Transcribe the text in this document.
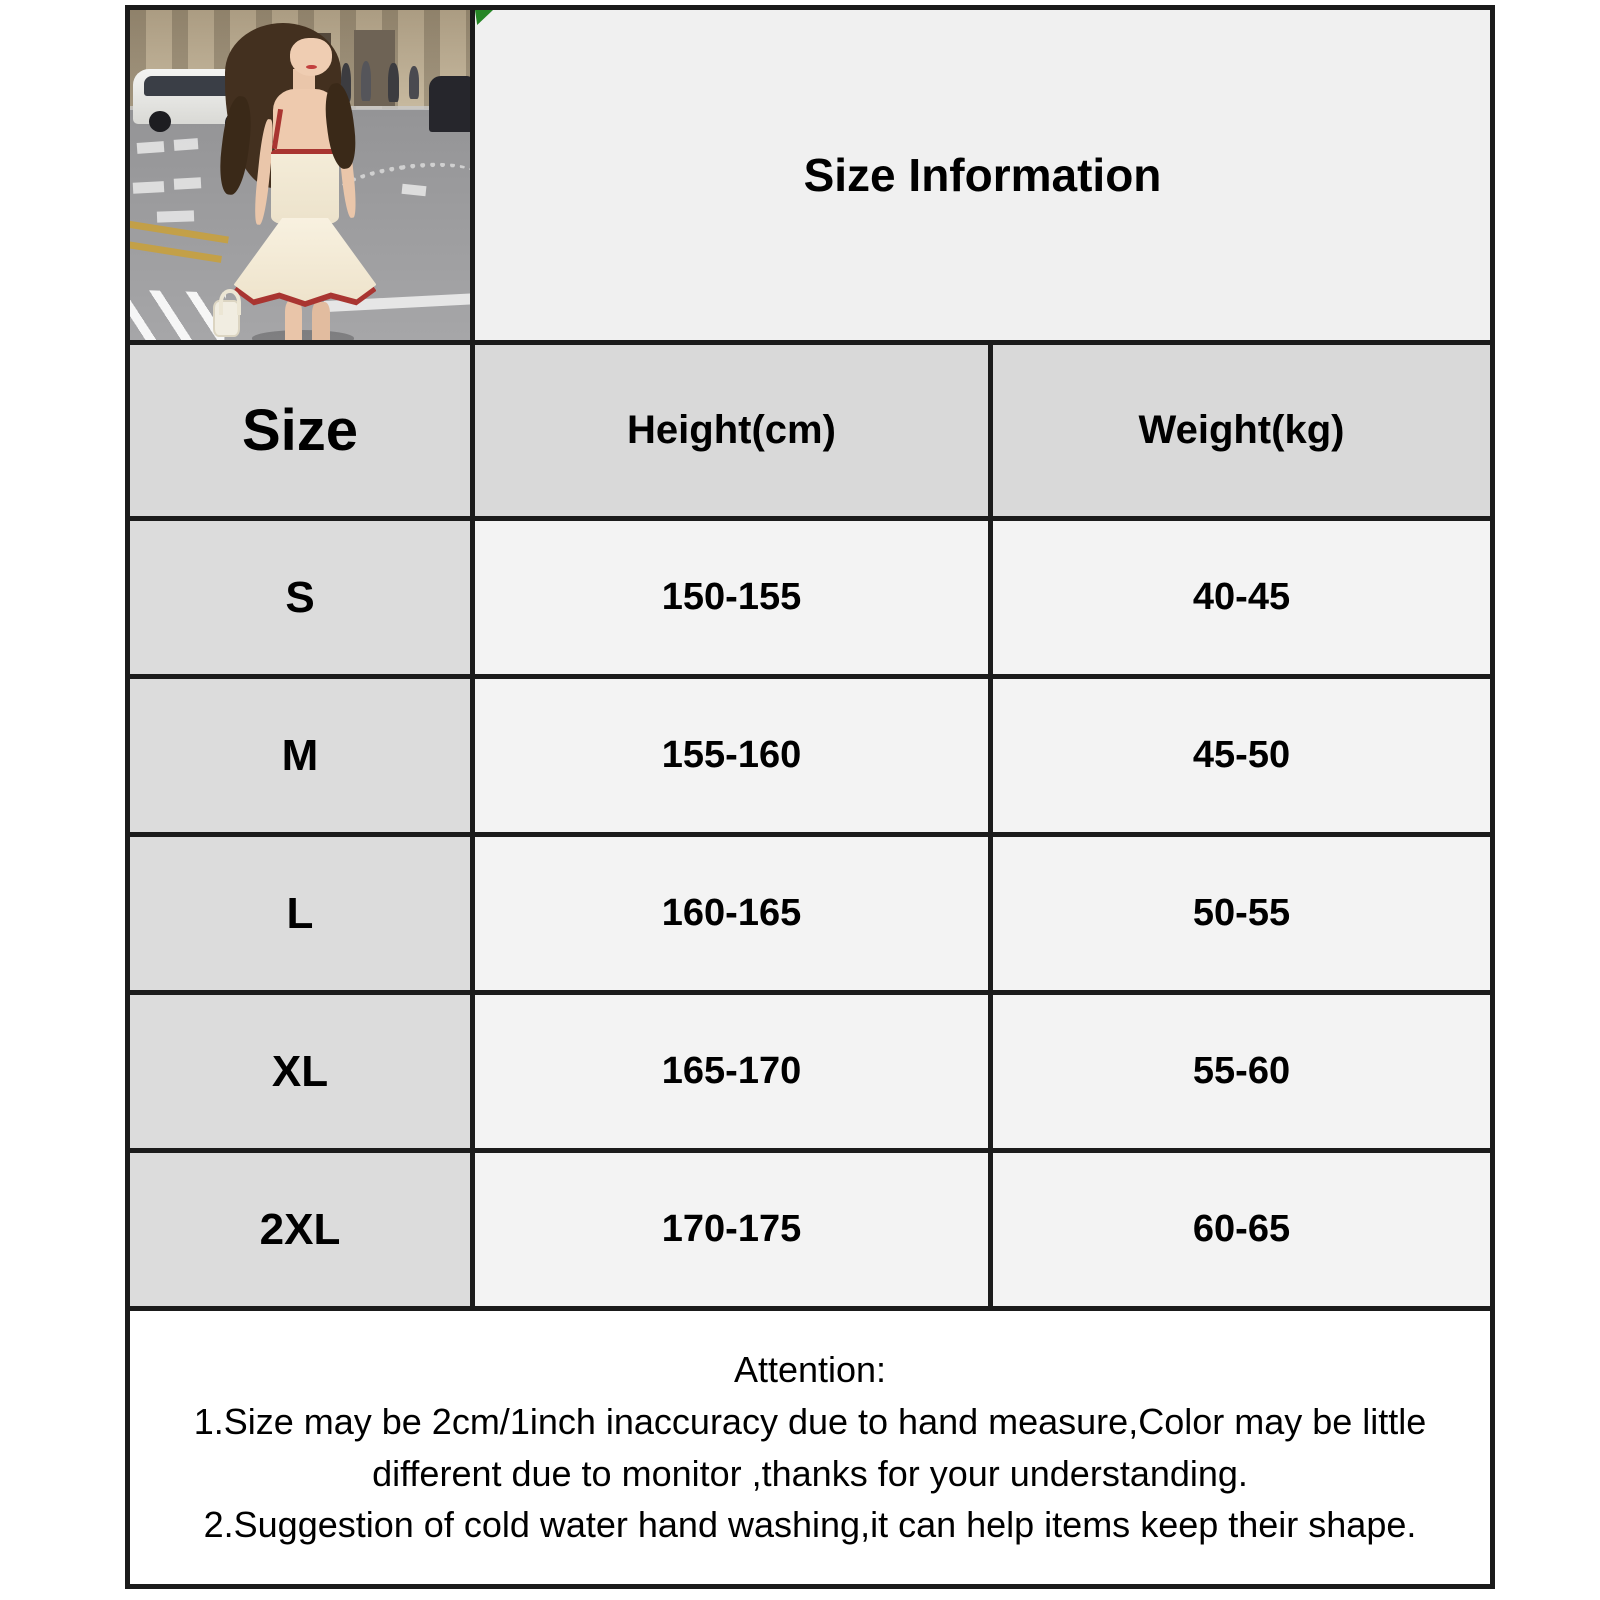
Size Information	
Size	Height(cm)	Weight(kg)
S	150-155	40-45
M	155-160	45-50
L	160-165	50-55
XL	165-170	55-60
2XL	170-175	60-65

Attention:

1.Size may be 2cm/1inch inaccuracy due to hand measure,Color may be little different due to monitor ,thanks for your understanding.

2.Suggestion of cold water hand washing,it can help items keep their shape.		
